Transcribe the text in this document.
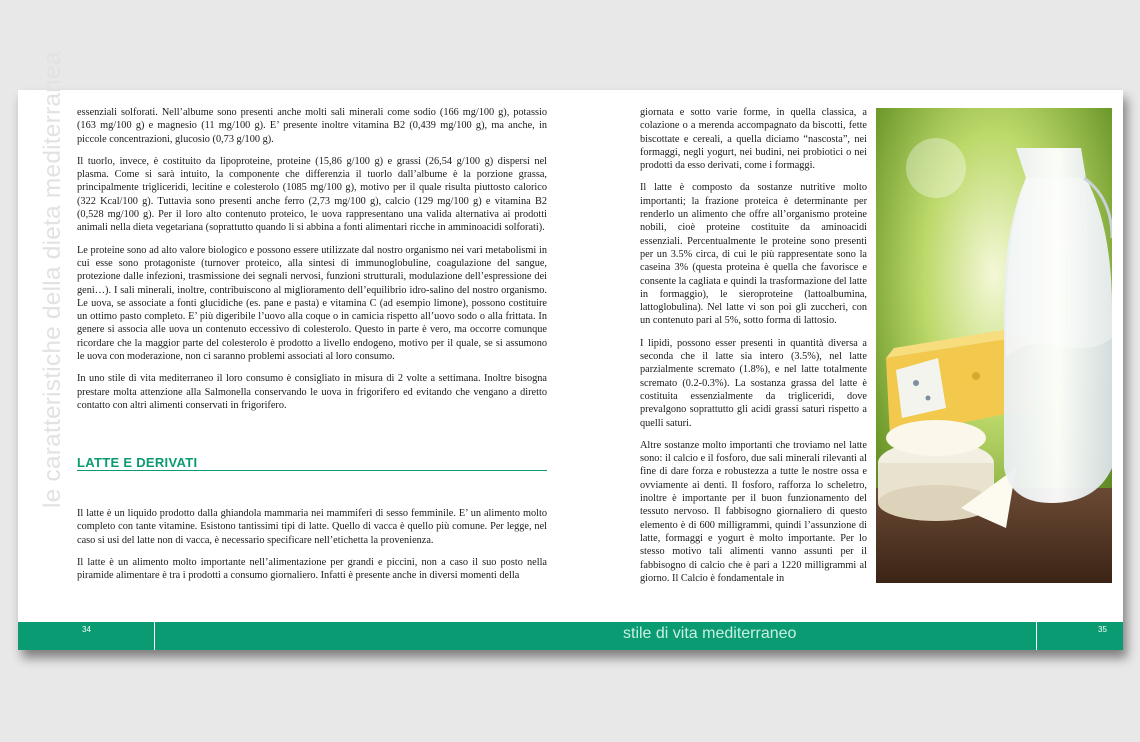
le caratteristiche della dieta mediterranea essenziali solforati. Nell’albume sono presenti anche molti sali minerali come sodio (166 mg/100 g), potassio (163 mg/100 g) e magnesio (11 mg/100 g). E’ presente inoltre vitamina B2 (0,439 mg/100 g), ma anche, in piccole concentrazioni, glucosio (0,73 g/100 g).

Il tuorlo, invece, è costituito da lipoproteine, proteine (15,86 g/100 g) e grassi (26,54 g/100 g) dispersi nel plasma. Come si sarà intuito, la componente che differenzia il tuorlo dall’albume è la porzione grassa, principalmente trigliceridi, lecitine e colesterolo (1085 mg/100 g), motivo per il quale risulta piuttosto calorico (322 Kcal/100 g). Tuttavia sono presenti anche ferro (2,73 mg/100 g), calcio (129 mg/100 g) e vitamina B2 (0,528 mg/100 g). Per il loro alto contenuto proteico, le uova rappresentano una valida alternativa ai prodotti animali nella dieta vegetariana (soprattutto quando li si abbina a fonti alimentari ricche in amminoacidi solforati).

Le proteine sono ad alto valore biologico e possono essere utilizzate dal nostro organismo nei vari metabolismi in cui esse sono protagoniste (turnover proteico, alla sintesi di immunoglobuline, coagulazione del sangue, protezione dalle infezioni, trasmissione dei segnali nervosi, funzioni strutturali, modulazione dell’espressione dei geni…). I sali minerali, inoltre, contribuiscono al miglioramento dell’equilibrio idro-salino del nostro organismo. Le uova, se associate a fonti glucidiche (es. pane e pasta) e vitamina C (ad esempio limone), possono costituire un ottimo pasto completo. E’ più digeribile l’uovo alla coque o in camicia rispetto all’uovo sodo o alla frittata. In genere si associa alle uova un contenuto eccessivo di colesterolo. Questo in parte è vero, ma occorre comunque ricordare che la maggior parte del colesterolo è prodotto a livello endogeno, motivo per il quale, se si assumono le uova con moderazione, non ci saranno problemi associati al loro consumo.

In uno stile di vita mediterraneo il loro consumo è consigliato in misura di 2 volte a settimana. Inoltre bisogna prestare molta attenzione alla Salmonella conservando le uova in frigorifero ed evitando che vengano a diretto contatto con altri alimenti conservati in frigorifero.

LATTE E DERIVATI

Il latte è un liquido prodotto dalla ghiandola mammaria nei mammiferi di sesso femminile. E’ un alimento molto completo con tante vitamine. Esistono tantissimi tipi di latte. Quello di vacca è quello più comune. Per legge, nel caso si usi del latte non di vacca, è necessario specificare nell’etichetta la provenienza.

Il latte è un alimento molto importante nell’alimentazione per grandi e piccini, non a caso il suo posto nella piramide alimentare è tra i prodotti a consumo giornaliero. Infatti è presente anche in diversi momenti della

giornata e sotto varie forme, in quella classica, a colazione o a merenda accompagnato da biscotti, fette biscottate e cereali, a quella diciamo “nascosta”, nei formaggi, negli yogurt, nei budini, nei probiotici o nei prodotti da esso derivati, come i formaggi.

Il latte è composto da sostanze nutritive molto importanti; la frazione proteica è determinante per renderlo un alimento che offre all’organismo proteine nobili, cioè proteine costituite da aminoacidi essenziali. Percentualmente le proteine sono presenti per un 3.5% circa, di cui le più rappresentate sono la caseina 3% (questa proteina è quella che favorisce e consente la cagliata e quindi la trasformazione del latte in formaggio), le sieroproteine (lattoalbumina, lattoglobulina). Nel latte vi son poi gli zuccheri, con un contenuto pari al 5%, sotto forma di lattosio.

I lipidi, possono esser presenti in quantità diversa a seconda che il latte sia intero (3.5%), nel latte parzialmente scremato (1.8%), e nel latte totalmente scremato (0.2-0.3%). La sostanza grassa del latte è costituita essenzialmente da trigliceridi, dove prevalgono soprattutto gli acidi grassi saturi rispetto a quelli saturi.

Altre sostanze molto importanti che troviamo nel latte sono: il calcio e il fosforo, due sali minerali rilevanti al fine di dare forza e robustezza a tutte le nostre ossa e ovviamente ai denti. Il fosforo, rafforza lo scheletro, inoltre è importante per il buon funzionamento del tessuto nervoso. Il fabbisogno giornaliero di questo elemento è di 600 milligrammi, quindi l’assunzione di latte, formaggi e yogurt è molto importante. Per lo stesso motivo tali alimenti vanno assunti per il fabbisogno di calcio che è pari a 1220 milligrammi al giorno. Il Calcio è fondamentale in

34	stile di vita mediterraneo	35
